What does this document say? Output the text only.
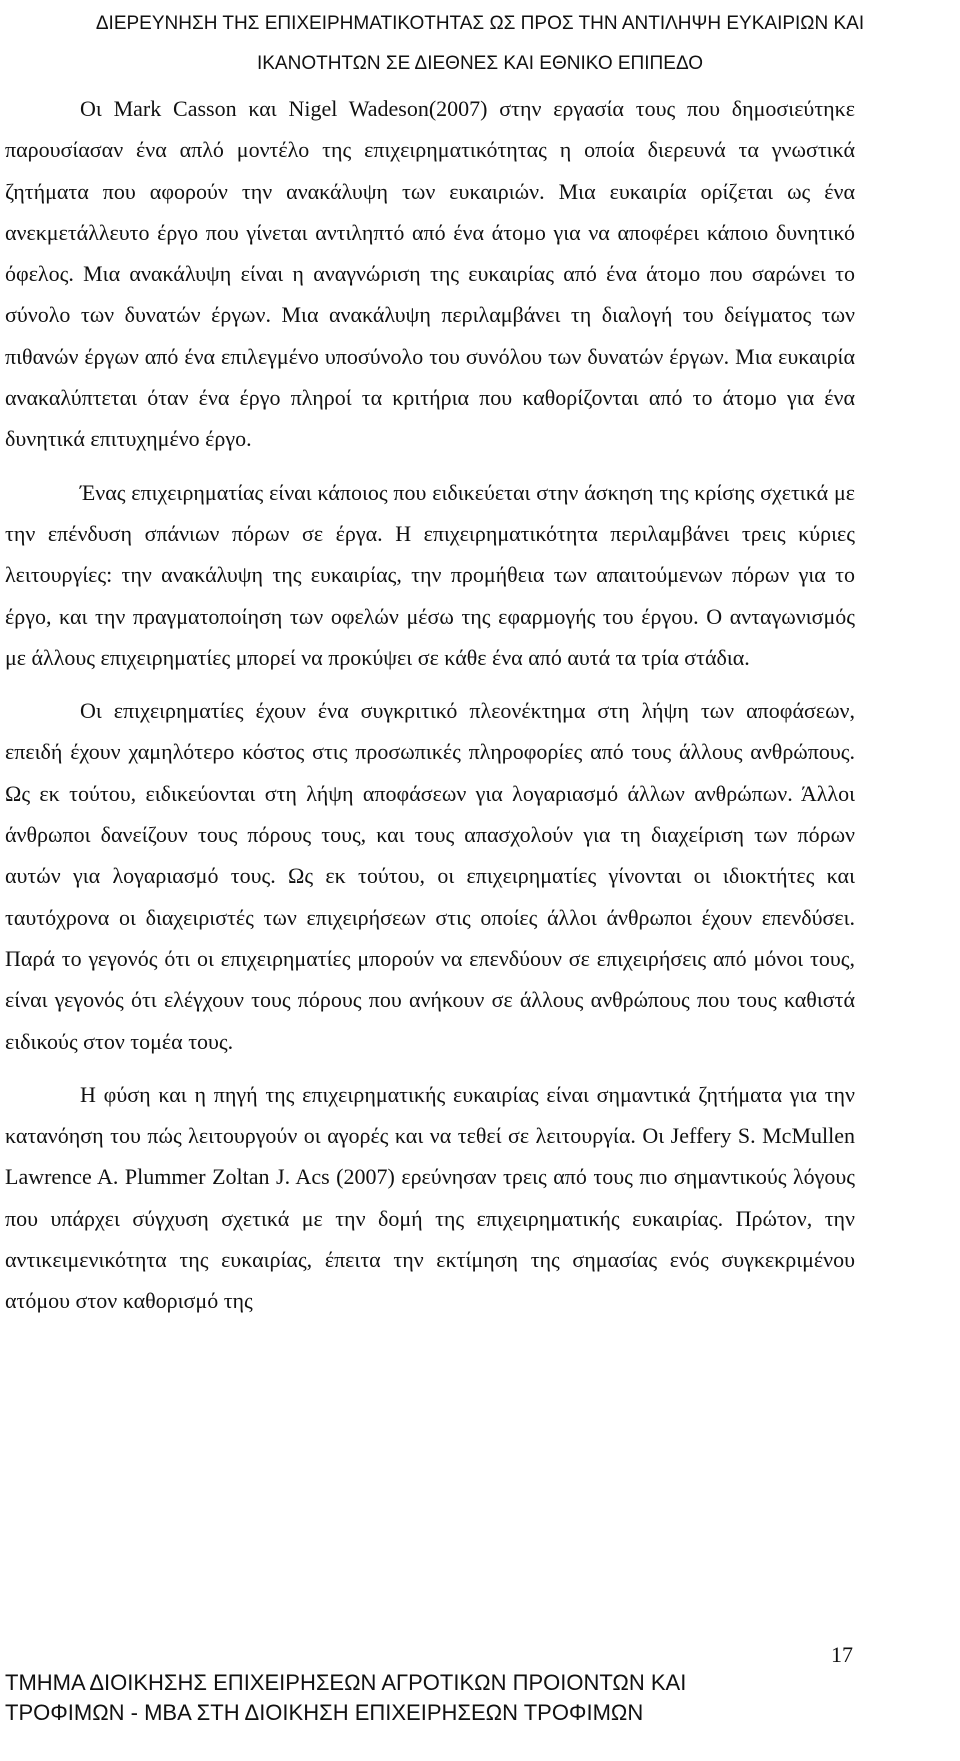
ΔΙΕΡΕΥΝΗΣΗ ΤΗΣ ΕΠΙΧΕΙΡΗΜΑΤΙΚΟΤΗΤΑΣ ΩΣ ΠΡΟΣ ΤΗΝ ΑΝΤΙΛΗΨΗ ΕΥΚΑΙΡΙΩΝ ΚΑΙ
ΙΚΑΝΟΤΗΤΩΝ ΣΕ ΔΙΕΘΝΕΣ ΚΑΙ ΕΘΝΙΚΟ ΕΠΙΠΕΔΟ

Οι Mark Casson και Nigel Wadeson(2007) στην εργασία τους που δημοσιεύτηκε παρουσίασαν ένα απλό μοντέλο της επιχειρηματικότητας η οποία διερευνά τα γνωστικά ζητήματα που αφορούν την ανακάλυψη των ευκαιριών. Μια ευκαιρία ορίζεται ως ένα ανεκμετάλλευτο έργο που γίνεται αντιληπτό από ένα άτομο για να αποφέρει κάποιο δυνητικό όφελος. Μια ανακάλυψη είναι η αναγνώριση της ευκαιρίας από ένα άτομο που σαρώνει το σύνολο των δυνατών έργων. Μια ανακάλυψη περιλαμβάνει τη διαλογή του δείγματος των πιθανών έργων από ένα επιλεγμένο υποσύνολο του συνόλου των δυνατών έργων. Μια ευκαιρία ανακαλύπτεται όταν ένα έργο πληροί τα κριτήρια που καθορίζονται από το άτομο για ένα δυνητικά επιτυχημένο έργο.

Ένας επιχειρηματίας είναι κάποιος που ειδικεύεται στην άσκηση της κρίσης σχετικά με την επένδυση σπάνιων πόρων σε έργα. Η επιχειρηματικότητα περιλαμβάνει τρεις κύριες λειτουργίες: την ανακάλυψη της ευκαιρίας, την προμήθεια των απαιτούμενων πόρων για το έργο, και την πραγματοποίηση των οφελών μέσω της εφαρμογής του έργου. Ο ανταγωνισμός με άλλους επιχειρηματίες μπορεί να προκύψει σε κάθε ένα από αυτά τα τρία στάδια.

Οι επιχειρηματίες έχουν ένα συγκριτικό πλεονέκτημα στη λήψη των αποφάσεων, επειδή έχουν χαμηλότερο κόστος στις προσωπικές πληροφορίες από τους άλλους ανθρώπους. Ως εκ τούτου, ειδικεύονται στη λήψη αποφάσεων για λογαριασμό άλλων ανθρώπων. Άλλοι άνθρωποι δανείζουν τους πόρους τους, και τους απασχολούν για τη διαχείριση των πόρων αυτών για λογαριασμό τους. Ως εκ τούτου, οι επιχειρηματίες γίνονται οι ιδιοκτήτες και ταυτόχρονα οι διαχειριστές των επιχειρήσεων στις οποίες άλλοι άνθρωποι έχουν επενδύσει. Παρά το γεγονός ότι οι επιχειρηματίες μπορούν να επενδύουν σε επιχειρήσεις από μόνοι τους, είναι γεγονός ότι ελέγχουν τους πόρους που ανήκουν σε άλλους ανθρώπους που τους καθιστά ειδικούς στον τομέα τους.

Η φύση και η πηγή της επιχειρηματικής ευκαιρίας είναι σημαντικά ζητήματα για την κατανόηση του πώς λειτουργούν οι αγορές και να τεθεί σε λειτουργία. Οι Jeffery S. McMullen Lawrence A. Plummer Zoltan J. Acs (2007) ερεύνησαν τρεις από τους πιο σημαντικούς λόγους που υπάρχει σύγχυση σχετικά με την δομή της επιχειρηματικής ευκαιρίας. Πρώτον, την αντικειμενικότητα της ευκαιρίας, έπειτα την εκτίμηση της σημασίας ενός συγκεκριμένου ατόμου στον καθορισμό της

17
ΤΜΗΜΑ ΔΙΟΙΚΗΣΗΣ ΕΠΙΧΕΙΡΗΣΕΩΝ ΑΓΡΟΤΙΚΩΝ ΠΡΟΙΟΝΤΩΝ ΚΑΙ
ΤΡΟΦΙΜΩΝ - ΜΒΑ ΣΤΗ ΔΙΟΙΚΗΣΗ ΕΠΙΧΕΙΡΗΣΕΩΝ ΤΡΟΦΙΜΩΝ
